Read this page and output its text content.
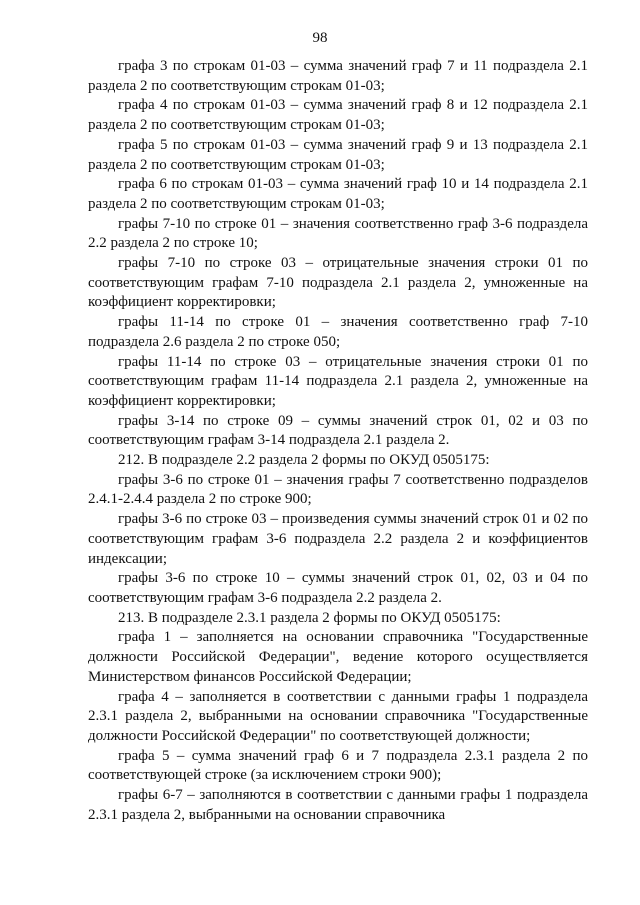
98

графа 3 по строкам 01-03 – сумма значений граф 7 и 11 подраздела 2.1 раздела 2 по соответствующим строкам 01-03;

графа 4 по строкам 01-03 – сумма значений граф 8 и 12 подраздела 2.1 раздела 2 по соответствующим строкам 01-03;

графа 5 по строкам 01-03 – сумма значений граф 9 и 13 подраздела 2.1 раздела 2 по соответствующим строкам 01-03;

графа 6 по строкам 01-03 – сумма значений граф 10 и 14 подраздела 2.1 раздела 2 по соответствующим строкам 01-03;

графы 7-10 по строке 01 – значения соответственно граф 3-6 подраздела 2.2 раздела 2 по строке 10;

графы 7-10 по строке 03 – отрицательные значения строки 01 по соответствующим графам 7-10 подраздела 2.1 раздела 2, умноженные на коэффициент корректировки;

графы 11-14 по строке 01 – значения соответственно граф 7-10 подраздела 2.6 раздела 2 по строке 050;

графы 11-14 по строке 03 – отрицательные значения строки 01 по соответствующим графам 11-14 подраздела 2.1 раздела 2, умноженные на коэффициент корректировки;

графы 3-14 по строке 09 – суммы значений строк 01, 02 и 03 по соответствующим графам 3-14 подраздела 2.1 раздела 2.

212. В подразделе 2.2 раздела 2 формы по ОКУД 0505175:

графы 3-6 по строке 01 – значения графы 7 соответственно подразделов 2.4.1-2.4.4 раздела 2 по строке 900;

графы 3-6 по строке 03 – произведения суммы значений строк 01 и 02 по соответствующим графам 3-6 подраздела 2.2 раздела 2 и коэффициентов индексации;

графы 3-6 по строке 10 – суммы значений строк 01, 02, 03 и 04 по соответствующим графам 3-6 подраздела 2.2 раздела 2.

213. В подразделе 2.3.1 раздела 2 формы по ОКУД 0505175:

графа 1 – заполняется на основании справочника "Государственные должности Российской Федерации", ведение которого осуществляется Министерством финансов Российской Федерации;

графа 4 – заполняется в соответствии с данными графы 1 подраздела 2.3.1 раздела 2, выбранными на основании справочника "Государственные должности Российской Федерации" по соответствующей должности;

графа 5 – сумма значений граф 6 и 7 подраздела 2.3.1 раздела 2 по соответствующей строке (за исключением строки 900);

графы 6-7 – заполняются в соответствии с данными графы 1 подраздела 2.3.1 раздела 2, выбранными на основании справочника
